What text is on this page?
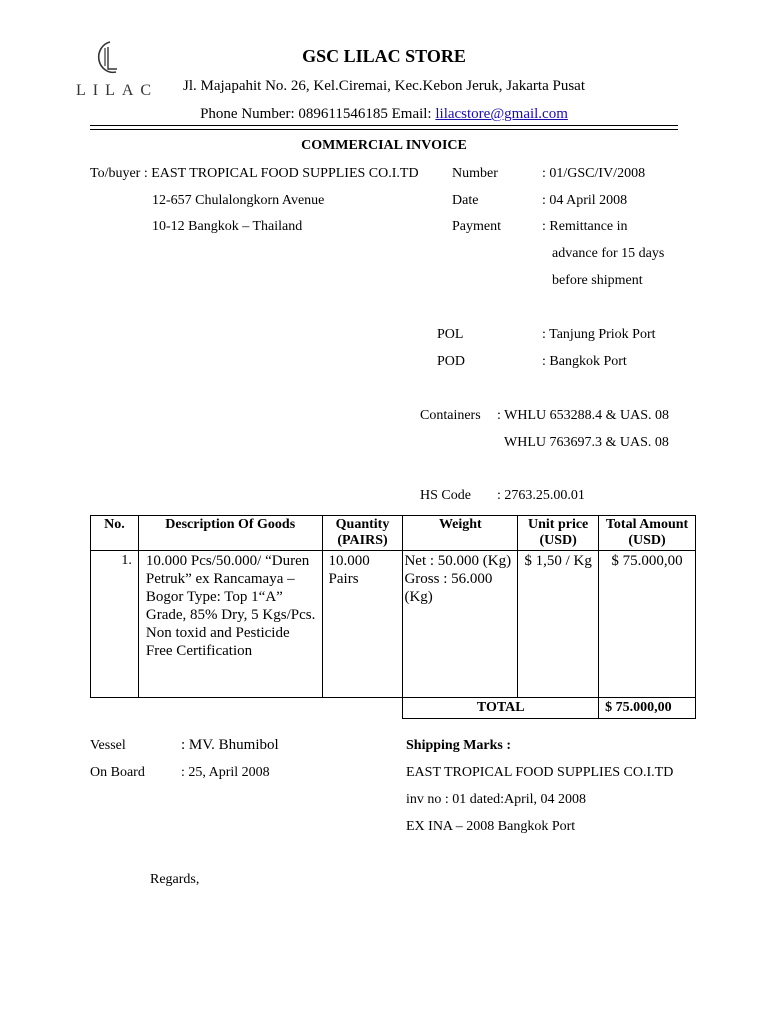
LILAC
GSC LILAC STORE
Jl. Majapahit No. 26, Kel.Ciremai, Kec.Kebon Jeruk, Jakarta Pusat
Phone Number: 089611546185 Email: lilacstore@gmail.com
COMMERCIAL INVOICE
To/buyer : EAST TROPICAL FOOD SUPPLIES CO.I.TD
12-657 Chulalongkorn Avenue
10-12 Bangkok – Thailand
Number	: 01/GSC/IV/2008
Date	: 04 April 2008
Payment	: Remittance in
advance for 15 days
before shipment
POL	: Tanjung Priok Port
POD	: Bangkok Port
Containers : WHLU 653288.4 & UAS. 08
WHLU 763697.3 & UAS. 08
HS Code : 2763.25.00.01
No.	Description Of Goods	Quantity (PAIRS)	Weight	Unit price (USD)	Total Amount (USD)
1.	10.000 Pcs/50.000/ “Duren Petruk” ex Rancamaya – Bogor Type: Top 1“A” Grade, 85% Dry, 5 Kgs/Pcs. Non toxid and Pesticide Free Certification	10.000 Pairs	Net : 50.000 (Kg) Gross : 56.000 (Kg)	$ 1,50 / Kg	$ 75.000,00
			TOTAL		$ 75.000,00
Vessel	: MV. Bhumibol
On Board	: 25, April 2008
Shipping Marks :
EAST TROPICAL FOOD SUPPLIES CO.I.TD
inv no : 01 dated:April, 04 2008
EX INA – 2008 Bangkok Port
Regards,
